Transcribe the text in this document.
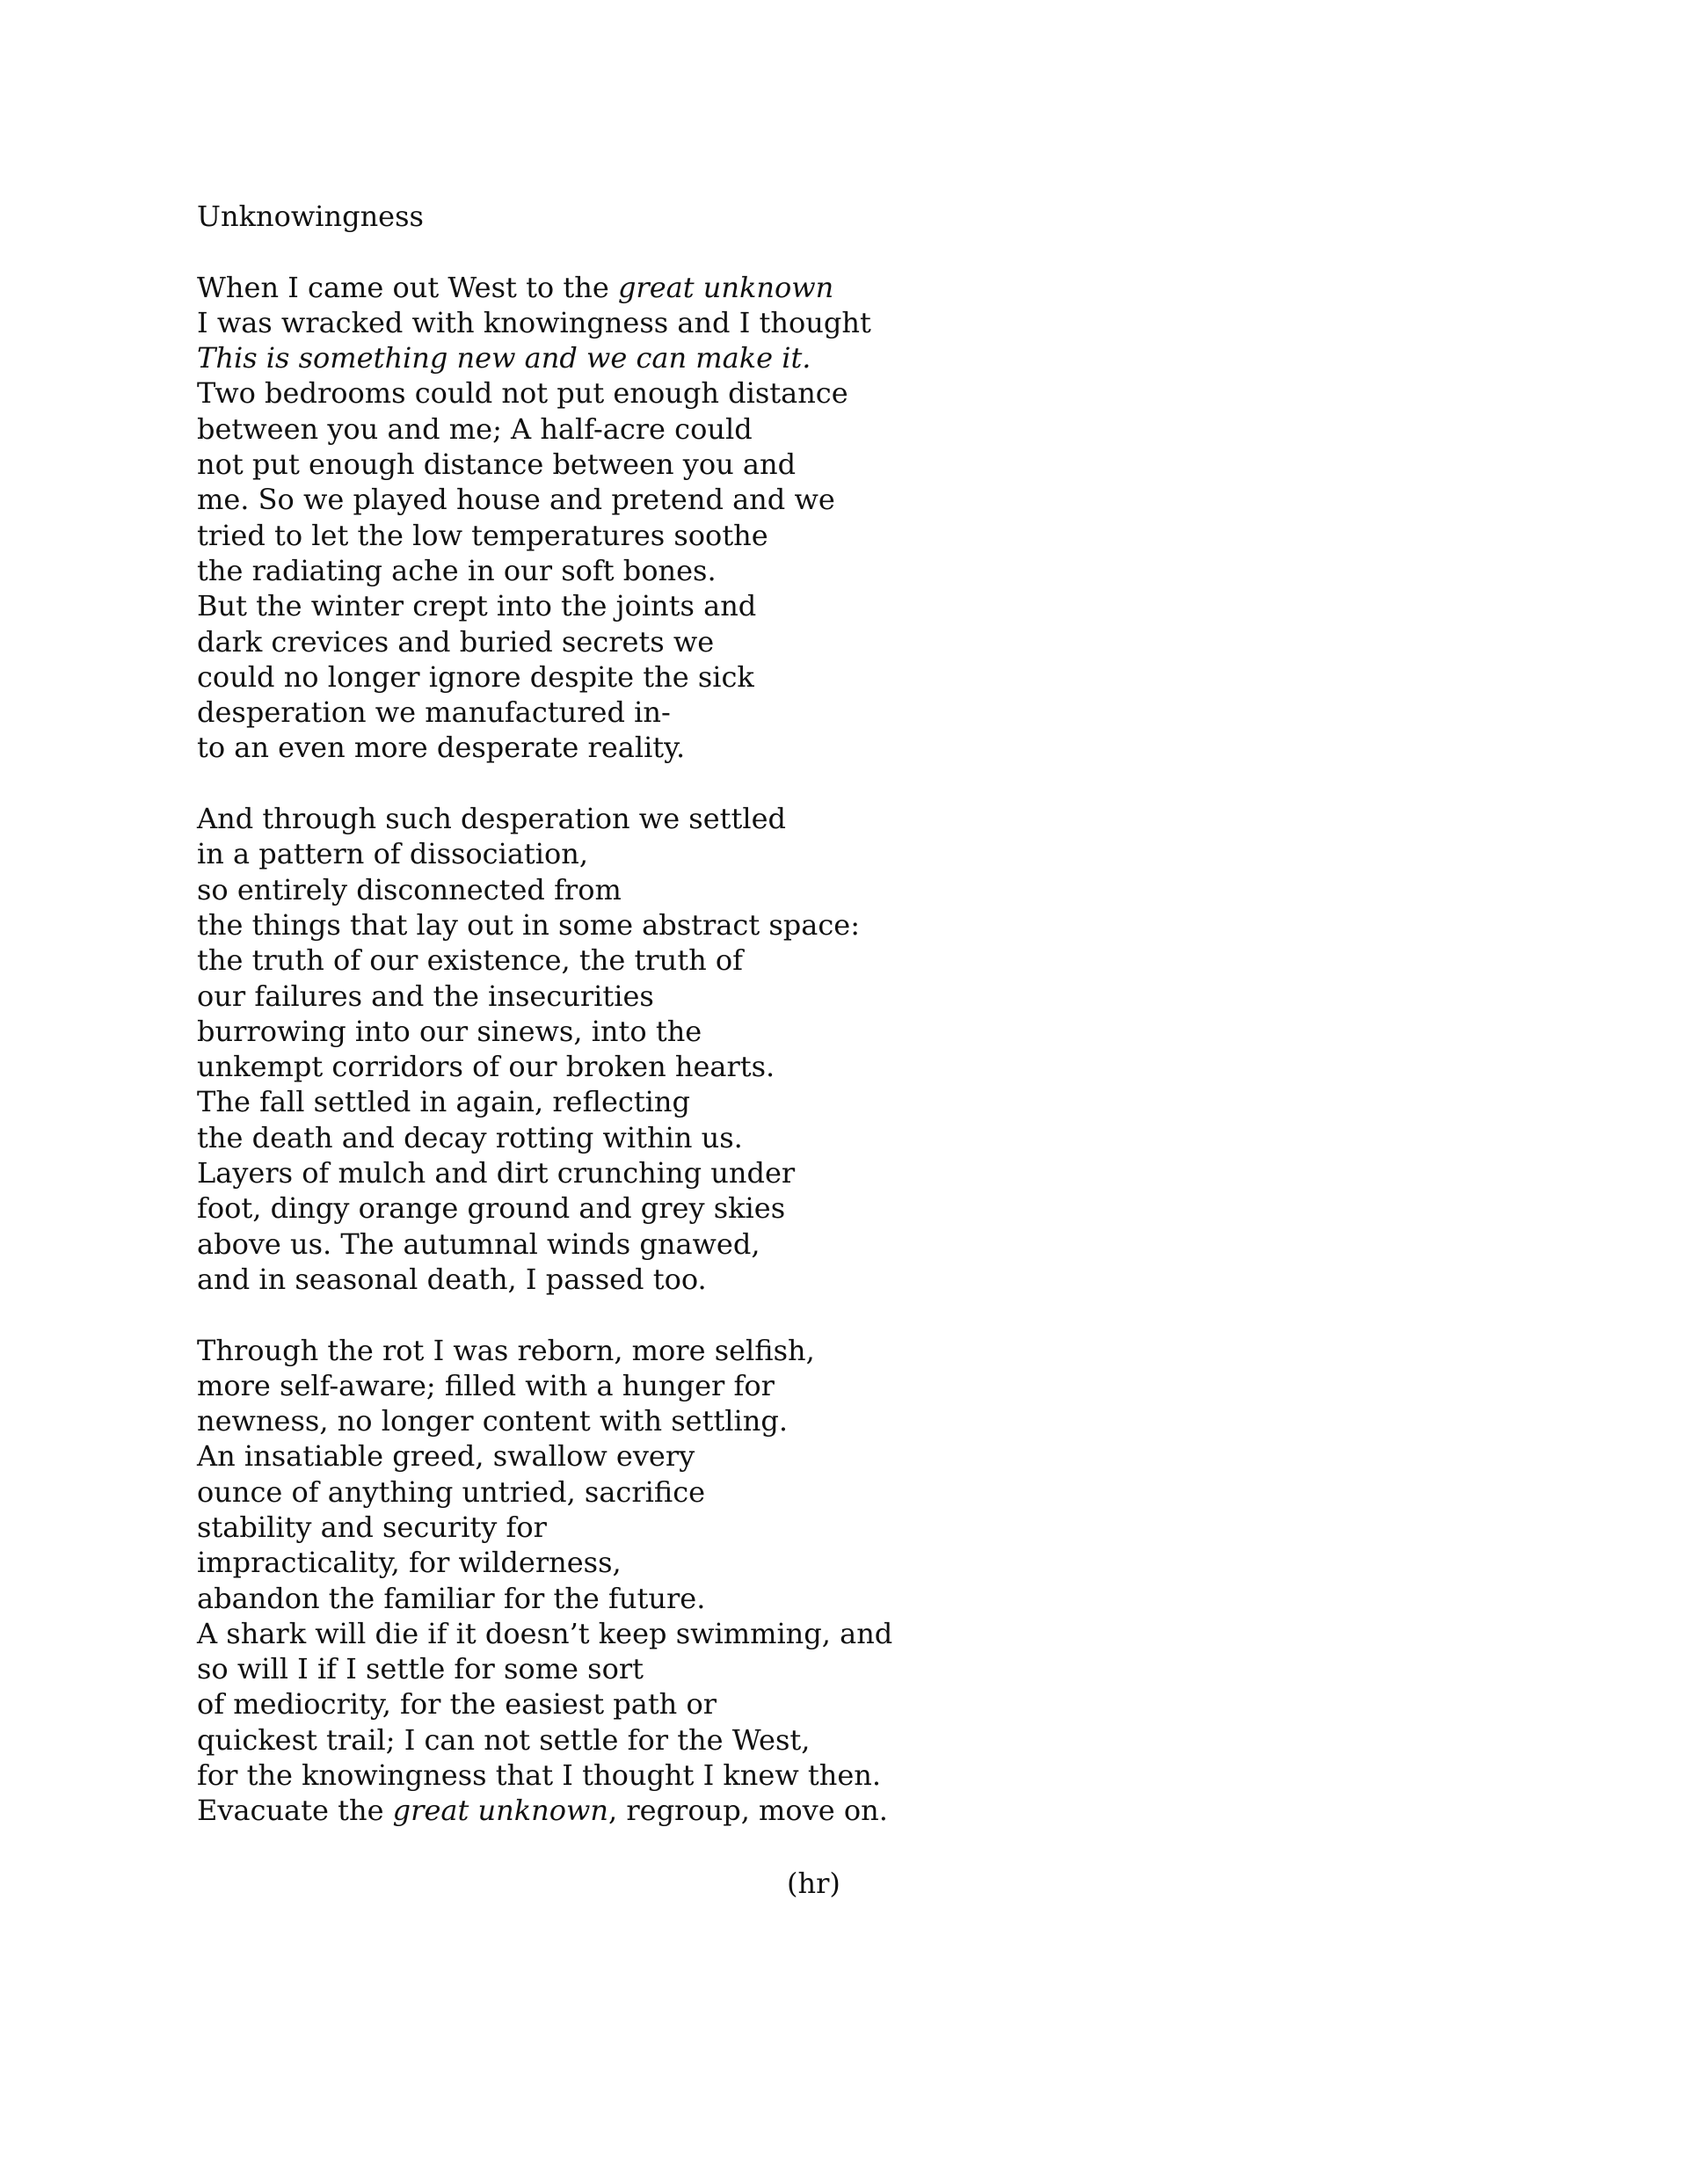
Unknowingness
When I came out West to the great unknown
I was wracked with knowingness and I thought
This is something new and we can make it.
Two bedrooms could not put enough distance
between you and me; A half-acre could
not put enough distance between you and
me. So we played house and pretend and we
tried to let the low temperatures soothe
the radiating ache in our soft bones.
But the winter crept into the joints and
dark crevices and buried secrets we
could no longer ignore despite the sick
desperation we manufactured in-
to an even more desperate reality.
And through such desperation we settled
in a pattern of dissociation,
so entirely disconnected from
the things that lay out in some abstract space:
the truth of our existence, the truth of
our failures and the insecurities
burrowing into our sinews, into the
unkempt corridors of our broken hearts.
The fall settled in again, reflecting
the death and decay rotting within us.
Layers of mulch and dirt crunching under
foot, dingy orange ground and grey skies
above us. The autumnal winds gnawed,
and in seasonal death, I passed too.
Through the rot I was reborn, more selfish,
more self-aware; filled with a hunger for
newness, no longer content with settling.
An insatiable greed, swallow every
ounce of anything untried, sacrifice
stability and security for
impracticality, for wilderness,
abandon the familiar for the future.
A shark will die if it doesn’t keep swimming, and
so will I if I settle for some sort
of mediocrity, for the easiest path or
quickest trail; I can not settle for the West,
for the knowingness that I thought I knew then.
Evacuate the great unknown, regroup, move on.
(hr)
